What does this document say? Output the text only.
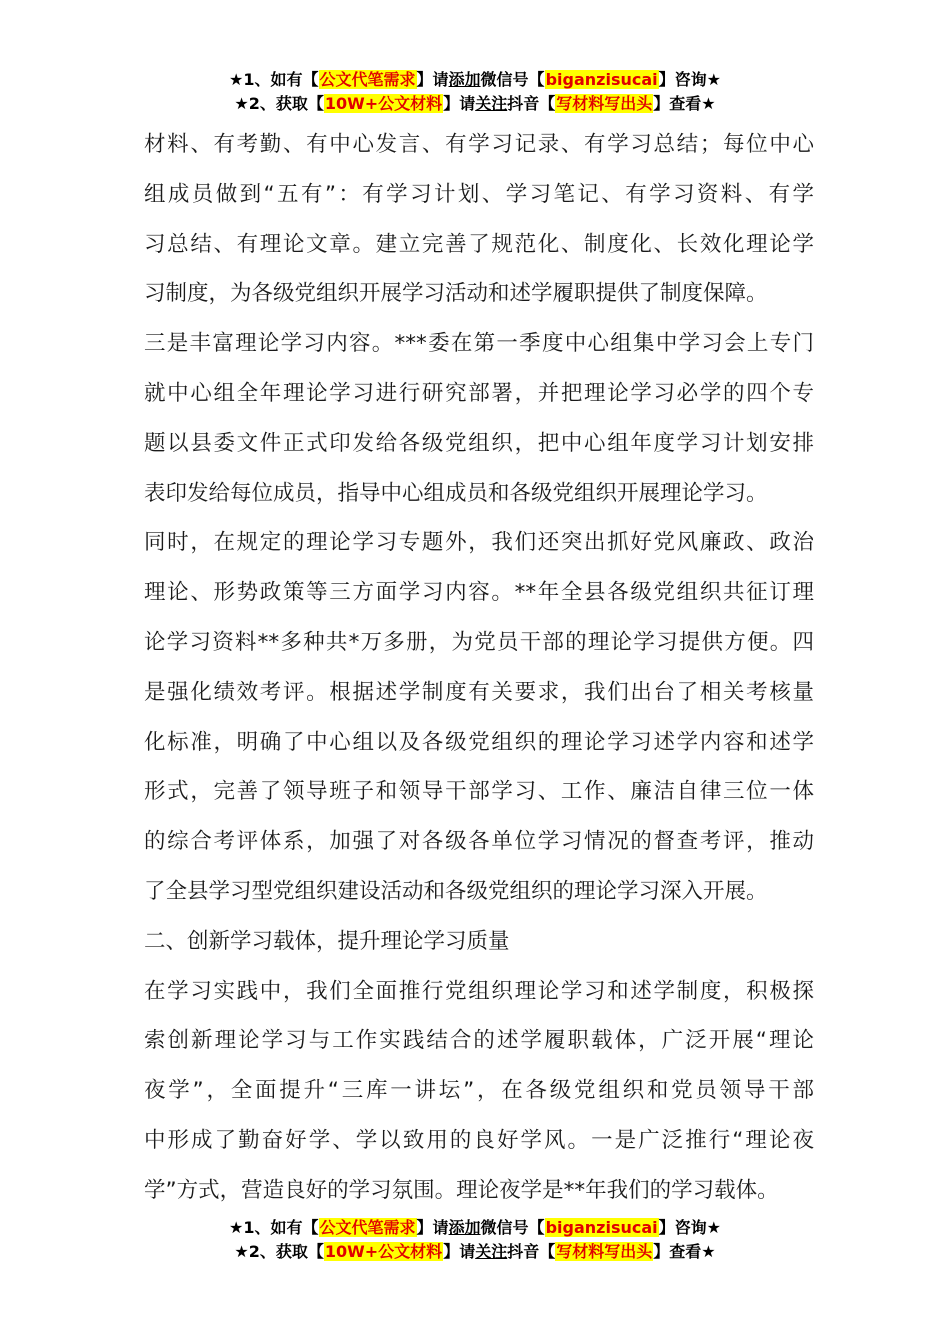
★1、如有【公文代笔需求】请添加微信号【biganzisucai】咨询★
★2、获取【10W+公文材料】请关注抖音【写材料写出头】查看★
材料、有考勤、有中心发言、有学习记录、有学习总结；每位中心
组成员做到“五有”：有学习计划、学习笔记、有学习资料、有学
习总结、有理论文章。建立完善了规范化、制度化、长效化理论学
习制度，为各级党组织开展学习活动和述学履职提供了制度保障。
三是丰富理论学习内容。***委在第一季度中心组集中学习会上专门
就中心组全年理论学习进行研究部署，并把理论学习必学的四个专
题以县委文件正式印发给各级党组织，把中心组年度学习计划安排
表印发给每位成员，指导中心组成员和各级党组织开展理论学习。
同时，在规定的理论学习专题外，我们还突出抓好党风廉政、政治
理论、形势政策等三方面学习内容。**年全县各级党组织共征订理
论学习资料**多种共*万多册，为党员干部的理论学习提供方便。四
是强化绩效考评。根据述学制度有关要求，我们出台了相关考核量
化标准，明确了中心组以及各级党组织的理论学习述学内容和述学
形式，完善了领导班子和领导干部学习、工作、廉洁自律三位一体
的综合考评体系，加强了对各级各单位学习情况的督查考评，推动
了全县学习型党组织建设活动和各级党组织的理论学习深入开展。
二、创新学习载体，提升理论学习质量
在学习实践中，我们全面推行党组织理论学习和述学制度，积极探
索创新理论学习与工作实践结合的述学履职载体，广泛开展“理论
夜学”，全面提升“三库一讲坛”，在各级党组织和党员领导干部
中形成了勤奋好学、学以致用的良好学风。一是广泛推行“理论夜
学”方式，营造良好的学习氛围。理论夜学是**年我们的学习载体。
★1、如有【公文代笔需求】请添加微信号【biganzisucai】咨询★
★2、获取【10W+公文材料】请关注抖音【写材料写出头】查看★
